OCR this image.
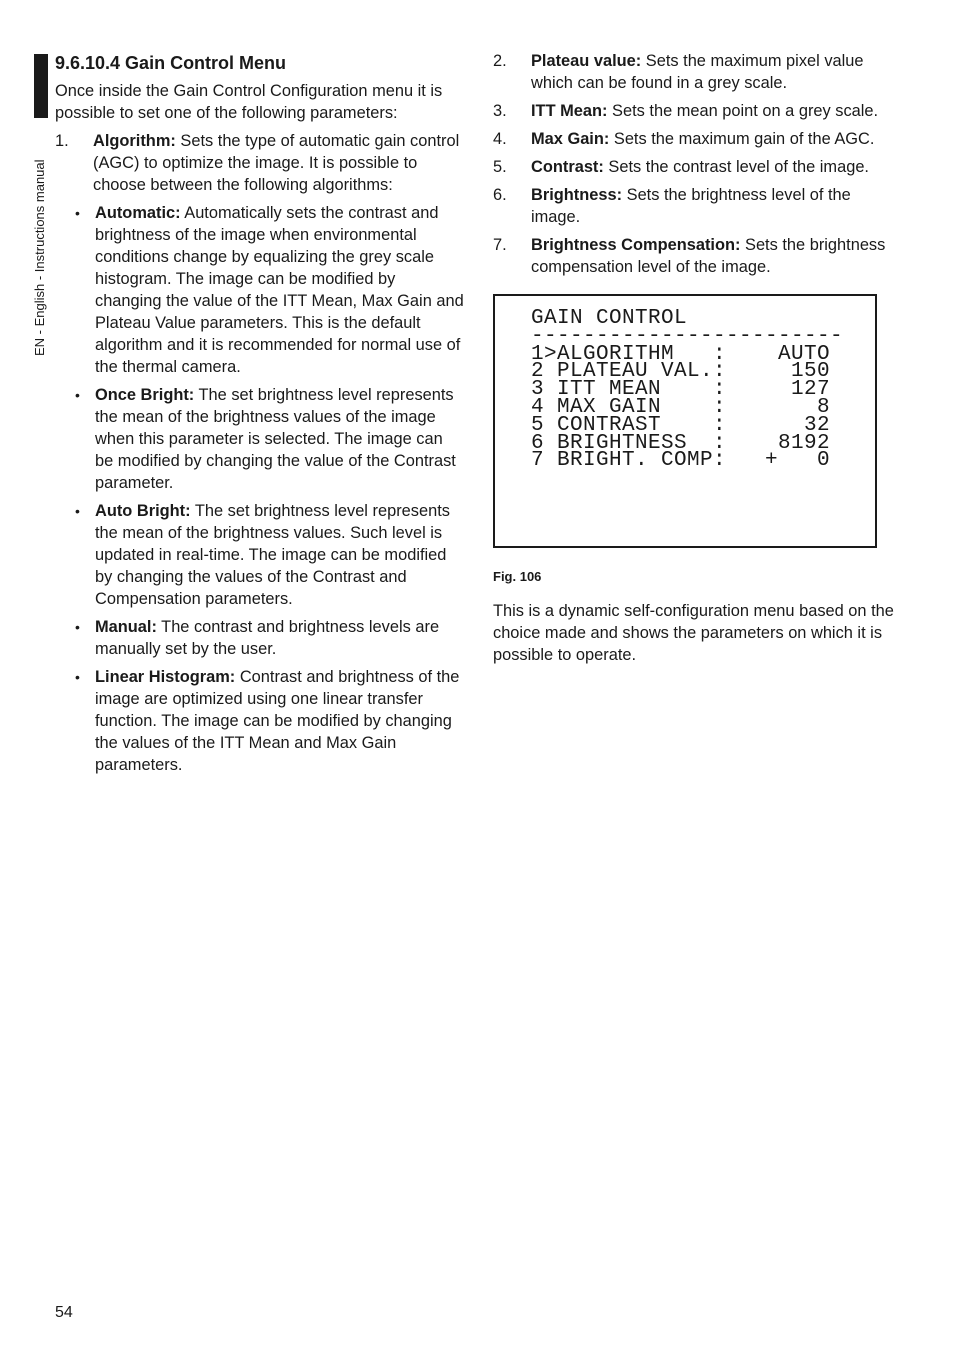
EN - English - Instructions manual
9.6.10.4 Gain Control Menu

Once inside the Gain Control Configuration menu it is possible to set one of the following parameters:

1.	Algorithm: Sets the type of automatic gain control (AGC) to optimize the image. It is possible to choose between the following algorithms:
• Automatic: Automatically sets the contrast and brightness of the image when environmental conditions change by equalizing the grey scale histogram. The image can be modified by changing the value of the ITT Mean, Max Gain and Plateau Value parameters. This is the default algorithm and it is recommended for normal use of the thermal camera.
• Once Bright: The set brightness level represents the mean of the brightness values of the image when this parameter is selected. The image can be modified by changing the value of the Contrast parameter.
• Auto Bright: The set brightness level represents the mean of the brightness values. Such level is updated in real-time. The image can be modified by changing the values of the Contrast and Compensation parameters.
• Manual: The contrast and brightness levels are manually set by the user.
• Linear Histogram: Contrast and brightness of the image are optimized using one linear transfer function. The image can be modified by changing the values of the ITT Mean and Max Gain parameters.
2.	Plateau value: Sets the maximum pixel value which can be found in a grey scale.
3.	ITT Mean: Sets the mean point on a grey scale.
4.	Max Gain: Sets the maximum gain of the AGC.
5.	Contrast: Sets the contrast level of the image.
6.	Brightness: Sets the brightness level of the image.
7.	Brightness Compensation: Sets the brightness compensation level of the image.
GAIN CONTROL
------------------------
1>ALGORITHM   :    AUTO
2 PLATEAU VAL.:     150
3 ITT MEAN    :     127
4 MAX GAIN    :       8
5 CONTRAST    :      32
6 BRIGHTNESS  :    8192
7 BRIGHT. COMP:   +   0
Fig. 106

This is a dynamic self-configuration menu based on the choice made and shows the parameters on which it is possible to operate.

54
